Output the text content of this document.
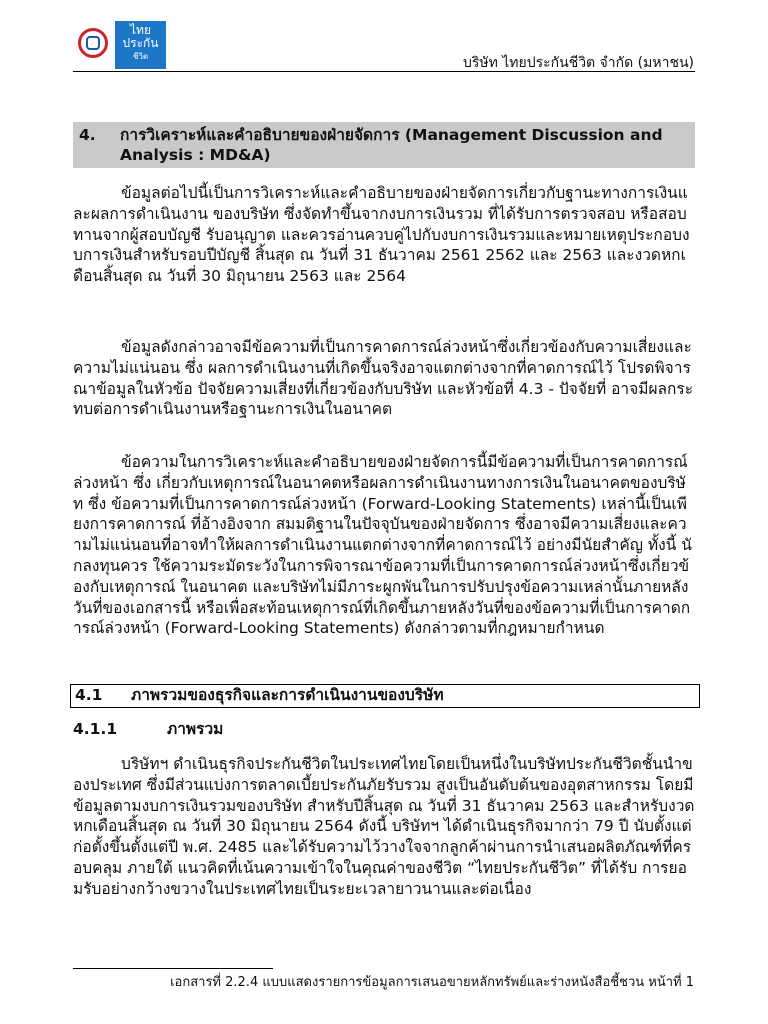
ไทย
ประกัน
ชีวิต	บริษัท ไทยประกันชีวิต จำกัด (มหาชน)
4. การวิเคราะห์และคำอธิบายของฝ่ายจัดการ (Management Discussion and Analysis : MD&A)
ข้อมูลต่อไปนี้เป็นการวิเคราะห์และคำอธิบายของฝ่ายจัดการเกี่ยวกับฐานะทางการเงินและผลการดำเนินงาน ของบริษัท ซึ่งจัดทำขึ้นจากงบการเงินรวม ที่ได้รับการตรวจสอบ หรือสอบทานจากผู้สอบบัญชี รับอนุญาต และควรอ่านควบคู่ไปกับงบการเงินรวมและหมายเหตุประกอบงบการเงินสำหรับรอบปีบัญชี สิ้นสุด ณ วันที่ 31 ธันวาคม 2561 2562 และ 2563 และงวดหกเดือนสิ้นสุด ณ วันที่ 30 มิถุนายน 2563 และ 2564
ข้อมูลดังกล่าวอาจมีข้อความที่เป็นการคาดการณ์ล่วงหน้าซึ่งเกี่ยวข้องกับความเสี่ยงและความไม่แน่นอน ซึ่ง ผลการดำเนินงานที่เกิดขึ้นจริงอาจแตกต่างจากที่คาดการณ์ไว้ โปรดพิจารณาข้อมูลในหัวข้อ ปัจจัยความเสี่ยงที่เกี่ยวข้องกับบริษัท และหัวข้อที่ 4.3 - ปัจจัยที่ อาจมีผลกระทบต่อการดำเนินงานหรือฐานะการเงินในอนาคต
ข้อความในการวิเคราะห์และคำอธิบายของฝ่ายจัดการนี้มีข้อความที่เป็นการคาดการณ์ล่วงหน้า ซึ่ง เกี่ยวกับเหตุการณ์ในอนาคตหรือผลการดำเนินงานทางการเงินในอนาคตของบริษัท ซึ่ง ข้อความที่เป็นการคาดการณ์ล่วงหน้า (Forward-Looking Statements) เหล่านี้เป็นเพียงการคาดการณ์ ที่อ้างอิงจาก สมมติฐานในปัจจุบันของฝ่ายจัดการ ซึ่งอาจมีความเสี่ยงและความไม่แน่นอนที่อาจทำให้ผลการดำเนินงานแตกต่างจากที่คาดการณ์ไว้ อย่างมีนัยสำคัญ ทั้งนี้ นักลงทุนควร ใช้ความระมัดระวังในการพิจารณาข้อความที่เป็นการคาดการณ์ล่วงหน้าซึ่งเกี่ยวข้องกับเหตุการณ์ ในอนาคต และบริษัทไม่มีภาระผูกพันในการปรับปรุงข้อความเหล่านั้นภายหลังวันที่ของเอกสารนี้ หรือเพื่อสะท้อนเหตุการณ์ที่เกิดขึ้นภายหลังวันที่ของข้อความที่เป็นการคาดการณ์ล่วงหน้า (Forward-Looking Statements) ดังกล่าวตามที่กฎหมายกำหนด
4.1 ภาพรวมของธุรกิจและการดำเนินงานของบริษัท
4.1.1	ภาพรวม
บริษัทฯ ดำเนินธุรกิจประกันชีวิตในประเทศไทยโดยเป็นหนึ่งในบริษัทประกันชีวิตชั้นนำของประเทศ ซึ่งมีส่วนแบ่งการตลาดเบี้ยประกันภัยรับรวม สูงเป็นอันดับต้นของอุตสาหกรรม โดยมีข้อมูลตามงบการเงินรวมของบริษัท สำหรับปีสิ้นสุด ณ วันที่ 31 ธันวาคม 2563 และสำหรับงวดหกเดือนสิ้นสุด ณ วันที่ 30 มิถุนายน 2564 ดังนี้ บริษัทฯ ได้ดำเนินธุรกิจมากว่า 79 ปี นับตั้งแต่ก่อตั้งขึ้นตั้งแต่ปี พ.ศ. 2485 และได้รับความไว้วางใจจากลูกค้าผ่านการนำเสนอผลิตภัณฑ์ที่ครอบคลุม ภายใต้ แนวคิดที่เน้นความเข้าใจในคุณค่าของชีวิต “ไทยประกันชีวิต” ที่ได้รับ การยอมรับอย่างกว้างขวางในประเทศไทยเป็นระยะเวลายาวนานและต่อเนื่อง
เอกสารที่ 2.2.4 แบบแสดงรายการข้อมูลการเสนอขายหลักทรัพย์และร่างหนังสือชี้ชวน หน้าที่ 1
